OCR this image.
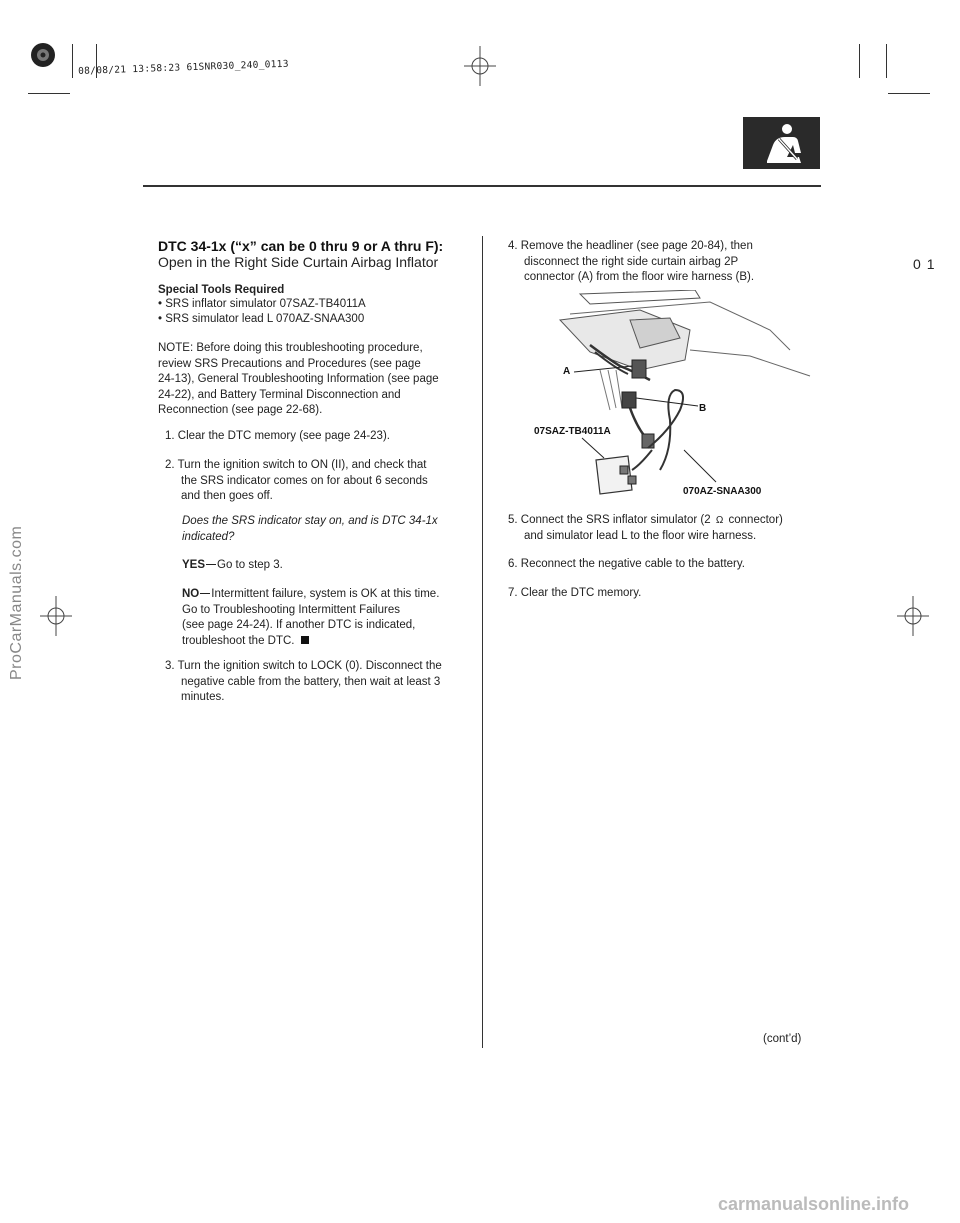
08/08/21 13:58:23 61SNR030_240_0113
01
ProCarManuals.com
DTC 34-1x (“x” can be 0 thru 9 or A thru F):
Open in the Right Side Curtain Airbag Inflator
Special Tools Required
• SRS inflator simulator 07SAZ-TB4011A
• SRS simulator lead L 070AZ-SNAA300
NOTE: Before doing this troubleshooting procedure,
review SRS Precautions and Procedures (see page
24-13), General Troubleshooting Information (see page
24-22), and Battery Terminal Disconnection and
Reconnection (see page 22-68).
1. Clear the DTC memory (see page 24-23).
2. Turn the ignition switch to ON (II), and check that
the SRS indicator comes on for about 6 seconds
and then goes off.
Does the SRS indicator stay on, and is DTC 34-1x
indicated?
YES Go to step 3.
NO Intermittent failure, system is OK at this time.
Go to Troubleshooting Intermittent Failures
(see page 24-24). If another DTC is indicated,
troubleshoot the DTC.
3. Turn the ignition switch to LOCK (0). Disconnect the
negative cable from the battery, then wait at least 3
minutes.
4. Remove the headliner (see page 20-84), then
disconnect the right side curtain airbag 2P
connector (A) from the floor wire harness (B).
A
B
07SAZ-TB4011A
070AZ-SNAA300
5. Connect the SRS inflator simulator (2 Ω connector)
and simulator lead L to the floor wire harness.
6. Reconnect the negative cable to the battery.
7. Clear the DTC memory.
(cont’d)
carmanualsonline.info
